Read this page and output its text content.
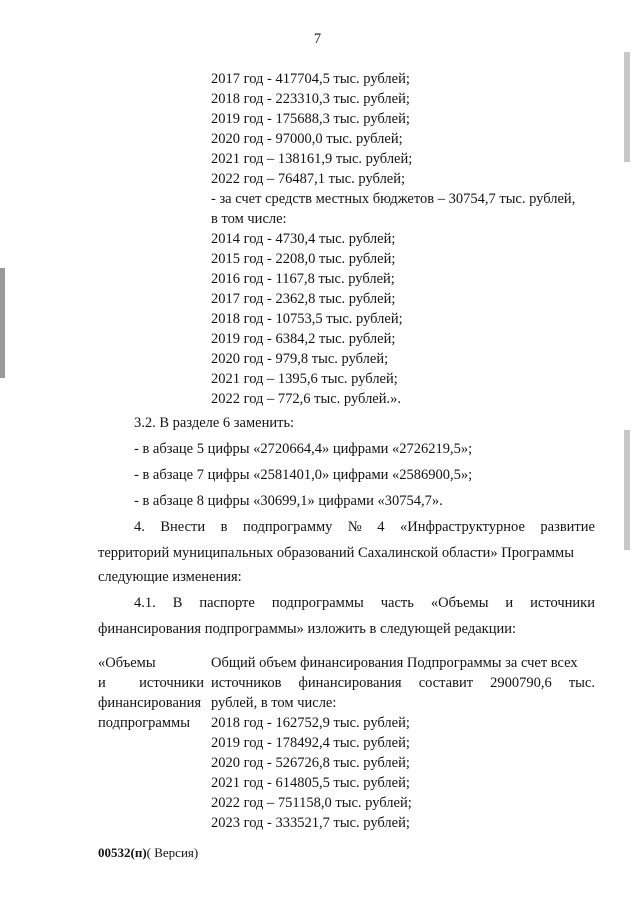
7
2017 год - 417704,5 тыс. рублей;
2018 год - 223310,3 тыс. рублей;
2019 год - 175688,3 тыс. рублей;
2020 год - 97000,0 тыс. рублей;
2021 год – 138161,9 тыс. рублей;
2022 год – 76487,1 тыс. рублей;
- за счет средств местных бюджетов – 30754,7 тыс. рублей,
в том числе:
2014 год - 4730,4 тыс. рублей;
2015 год - 2208,0 тыс. рублей;
2016 год - 1167,8 тыс. рублей;
2017 год - 2362,8 тыс. рублей;
2018 год - 10753,5 тыс. рублей;
2019 год - 6384,2 тыс. рублей;
2020 год - 979,8 тыс. рублей;
2021 год – 1395,6 тыс. рублей;
2022 год – 772,6 тыс. рублей.».
3.2. В разделе 6 заменить:
- в абзаце 5 цифры «2720664,4» цифрами «2726219,5»;
- в абзаце 7 цифры «2581401,0» цифрами «2586900,5»;
- в абзаце 8 цифры «30699,1» цифрами «30754,7».
4. Внести в подпрограмму № 4 «Инфраструктурное развитие
территорий муниципальных образований Сахалинской области» Программы
следующие изменения:
4.1. В паспорте подпрограммы часть «Объемы и источники
финансирования подпрограммы» изложить в следующей редакции:
«Объемы
и источники
финансирования
подпрограммы
Общий объем финансирования Подпрограммы за счет всех
источников финансирования составит 2900790,6 тыс.
рублей, в том числе:
2018 год - 162752,9 тыс. рублей;
2019 год - 178492,4 тыс. рублей;
2020 год - 526726,8 тыс. рублей;
2021 год - 614805,5 тыс. рублей;
2022 год – 751158,0 тыс. рублей;
2023 год - 333521,7 тыс. рублей;
00532(п)( Версия)
